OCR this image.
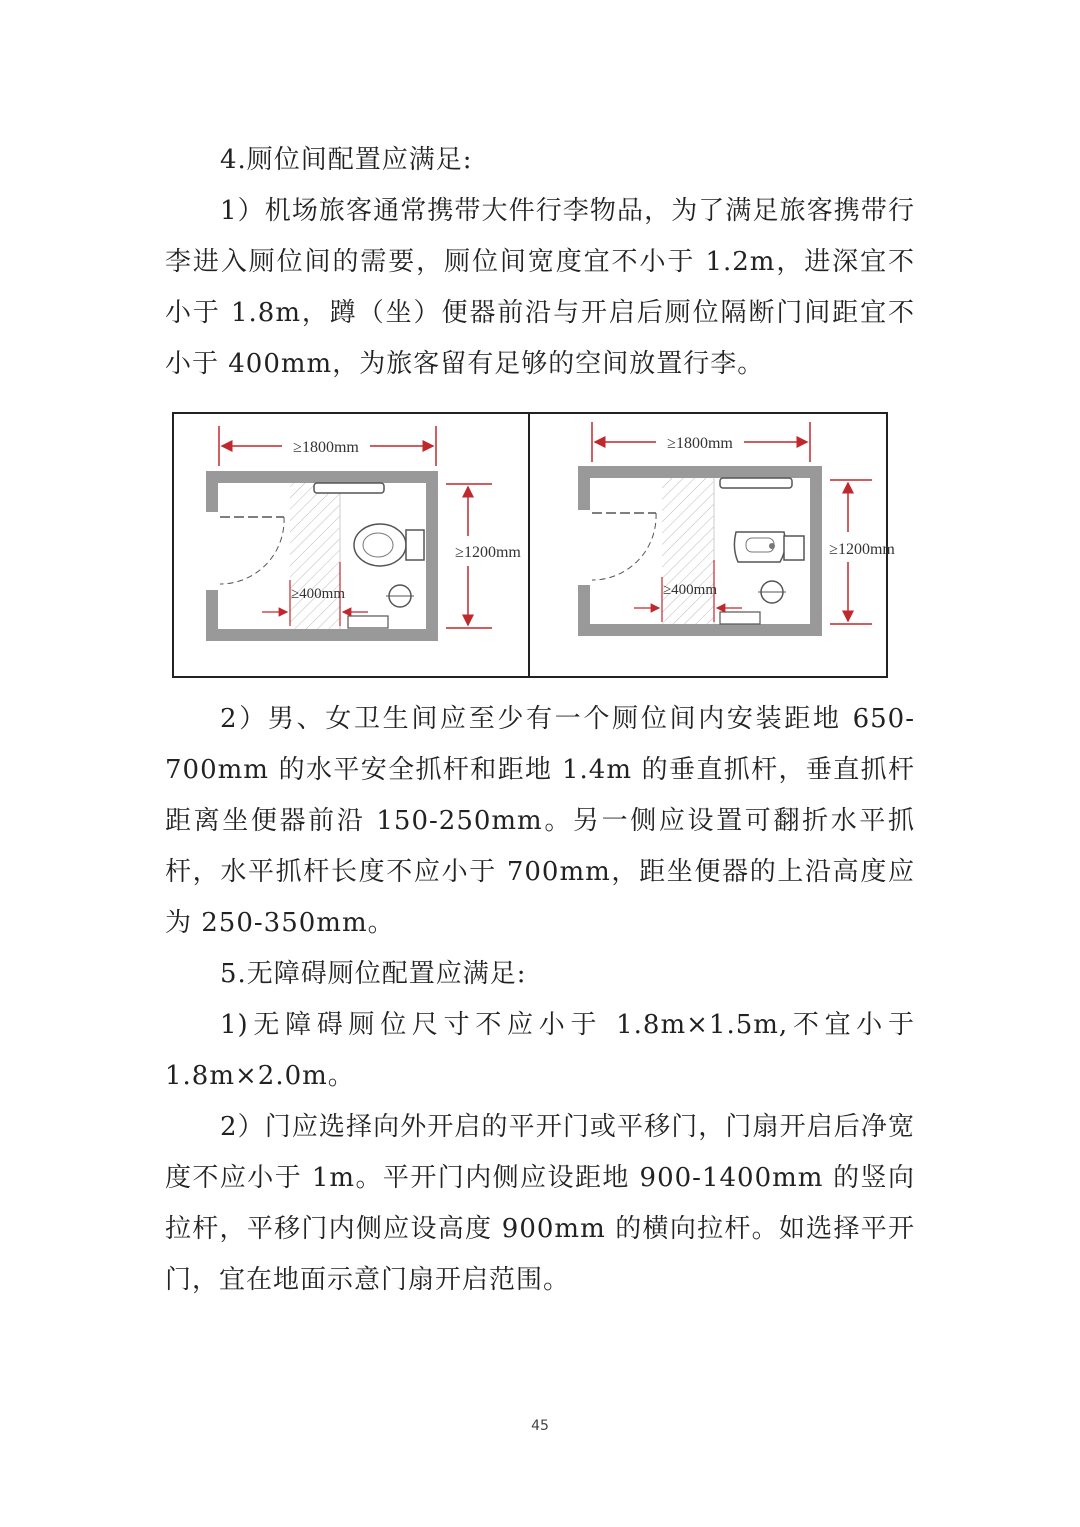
4.厕位间配置应满足:

1）机场旅客通常携带大件行李物品，为了满足旅客携带行李进入厕位间的需要，厕位间宽度宜不小于 1.2m，进深宜不小于 1.8m，蹲（坐）便器前沿与开启后厕位隔断门间距宜不小于 400mm，为旅客留有足够的空间放置行李。

≥1800mm
≥1200mm
≥400mm
≥1800mm
≥1200mm
≥400mm

2）男、女卫生间应至少有一个厕位间内安装距地 650-700mm 的水平安全抓杆和距地 1.4m 的垂直抓杆，垂直抓杆距离坐便器前沿 150-250mm。另一侧应设置可翻折水平抓杆，水平抓杆长度不应小于 700mm，距坐便器的上沿高度应为 250-350mm。

5.无障碍厕位配置应满足:

1)无障碍厕位尺寸不应小于 1.8m×1.5m,不宜小于 1.8m×2.0m。

2）门应选择向外开启的平开门或平移门，门扇开启后净宽度不应小于 1m。平开门内侧应设距地 900-1400mm 的竖向拉杆，平移门内侧应设高度 900mm 的横向拉杆。如选择平开门，宜在地面示意门扇开启范围。

45
